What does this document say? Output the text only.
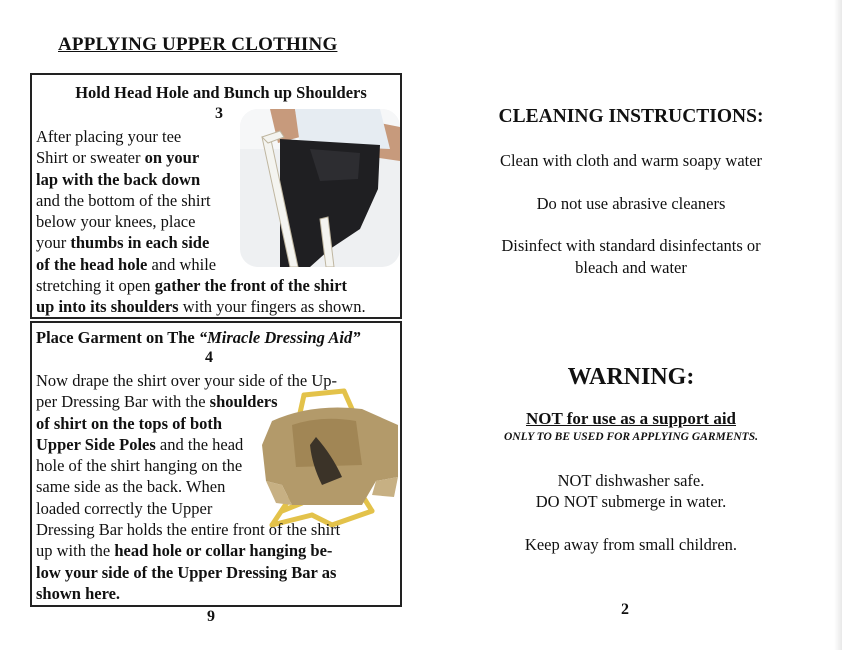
APPLYING UPPER CLOTHING
Hold Head Hole and Bunch up Shoulders
3
After placing your tee
Shirt or sweater on your
lap with the back down
and the bottom of the shirt
below your knees, place
your thumbs in each side
of the head hole and while
stretching it open gather the front of the shirt
up into its shoulders with your fingers as shown.
Place Garment on The “Miracle Dressing Aid”
4
Now drape the shirt over your side of the Up-
per Dressing Bar with the shoulders
of shirt on the tops of both
Upper Side Poles and the head
hole of the shirt hanging on the
same side as the back. When
loaded correctly the Upper
Dressing Bar holds the entire front of the shirt
up with the head hole or collar hanging be-
low your side of the Upper Dressing Bar as
shown here.
9
CLEANING INSTRUCTIONS:
Clean with cloth and warm soapy water
Do not use abrasive cleaners
Disinfect with standard disinfectants or
bleach and water
WARNING:
NOT for use as a support aid
ONLY TO BE USED FOR APPLYING GARMENTS.
NOT dishwasher safe.
DO NOT submerge in water.
Keep away from small children.
2
